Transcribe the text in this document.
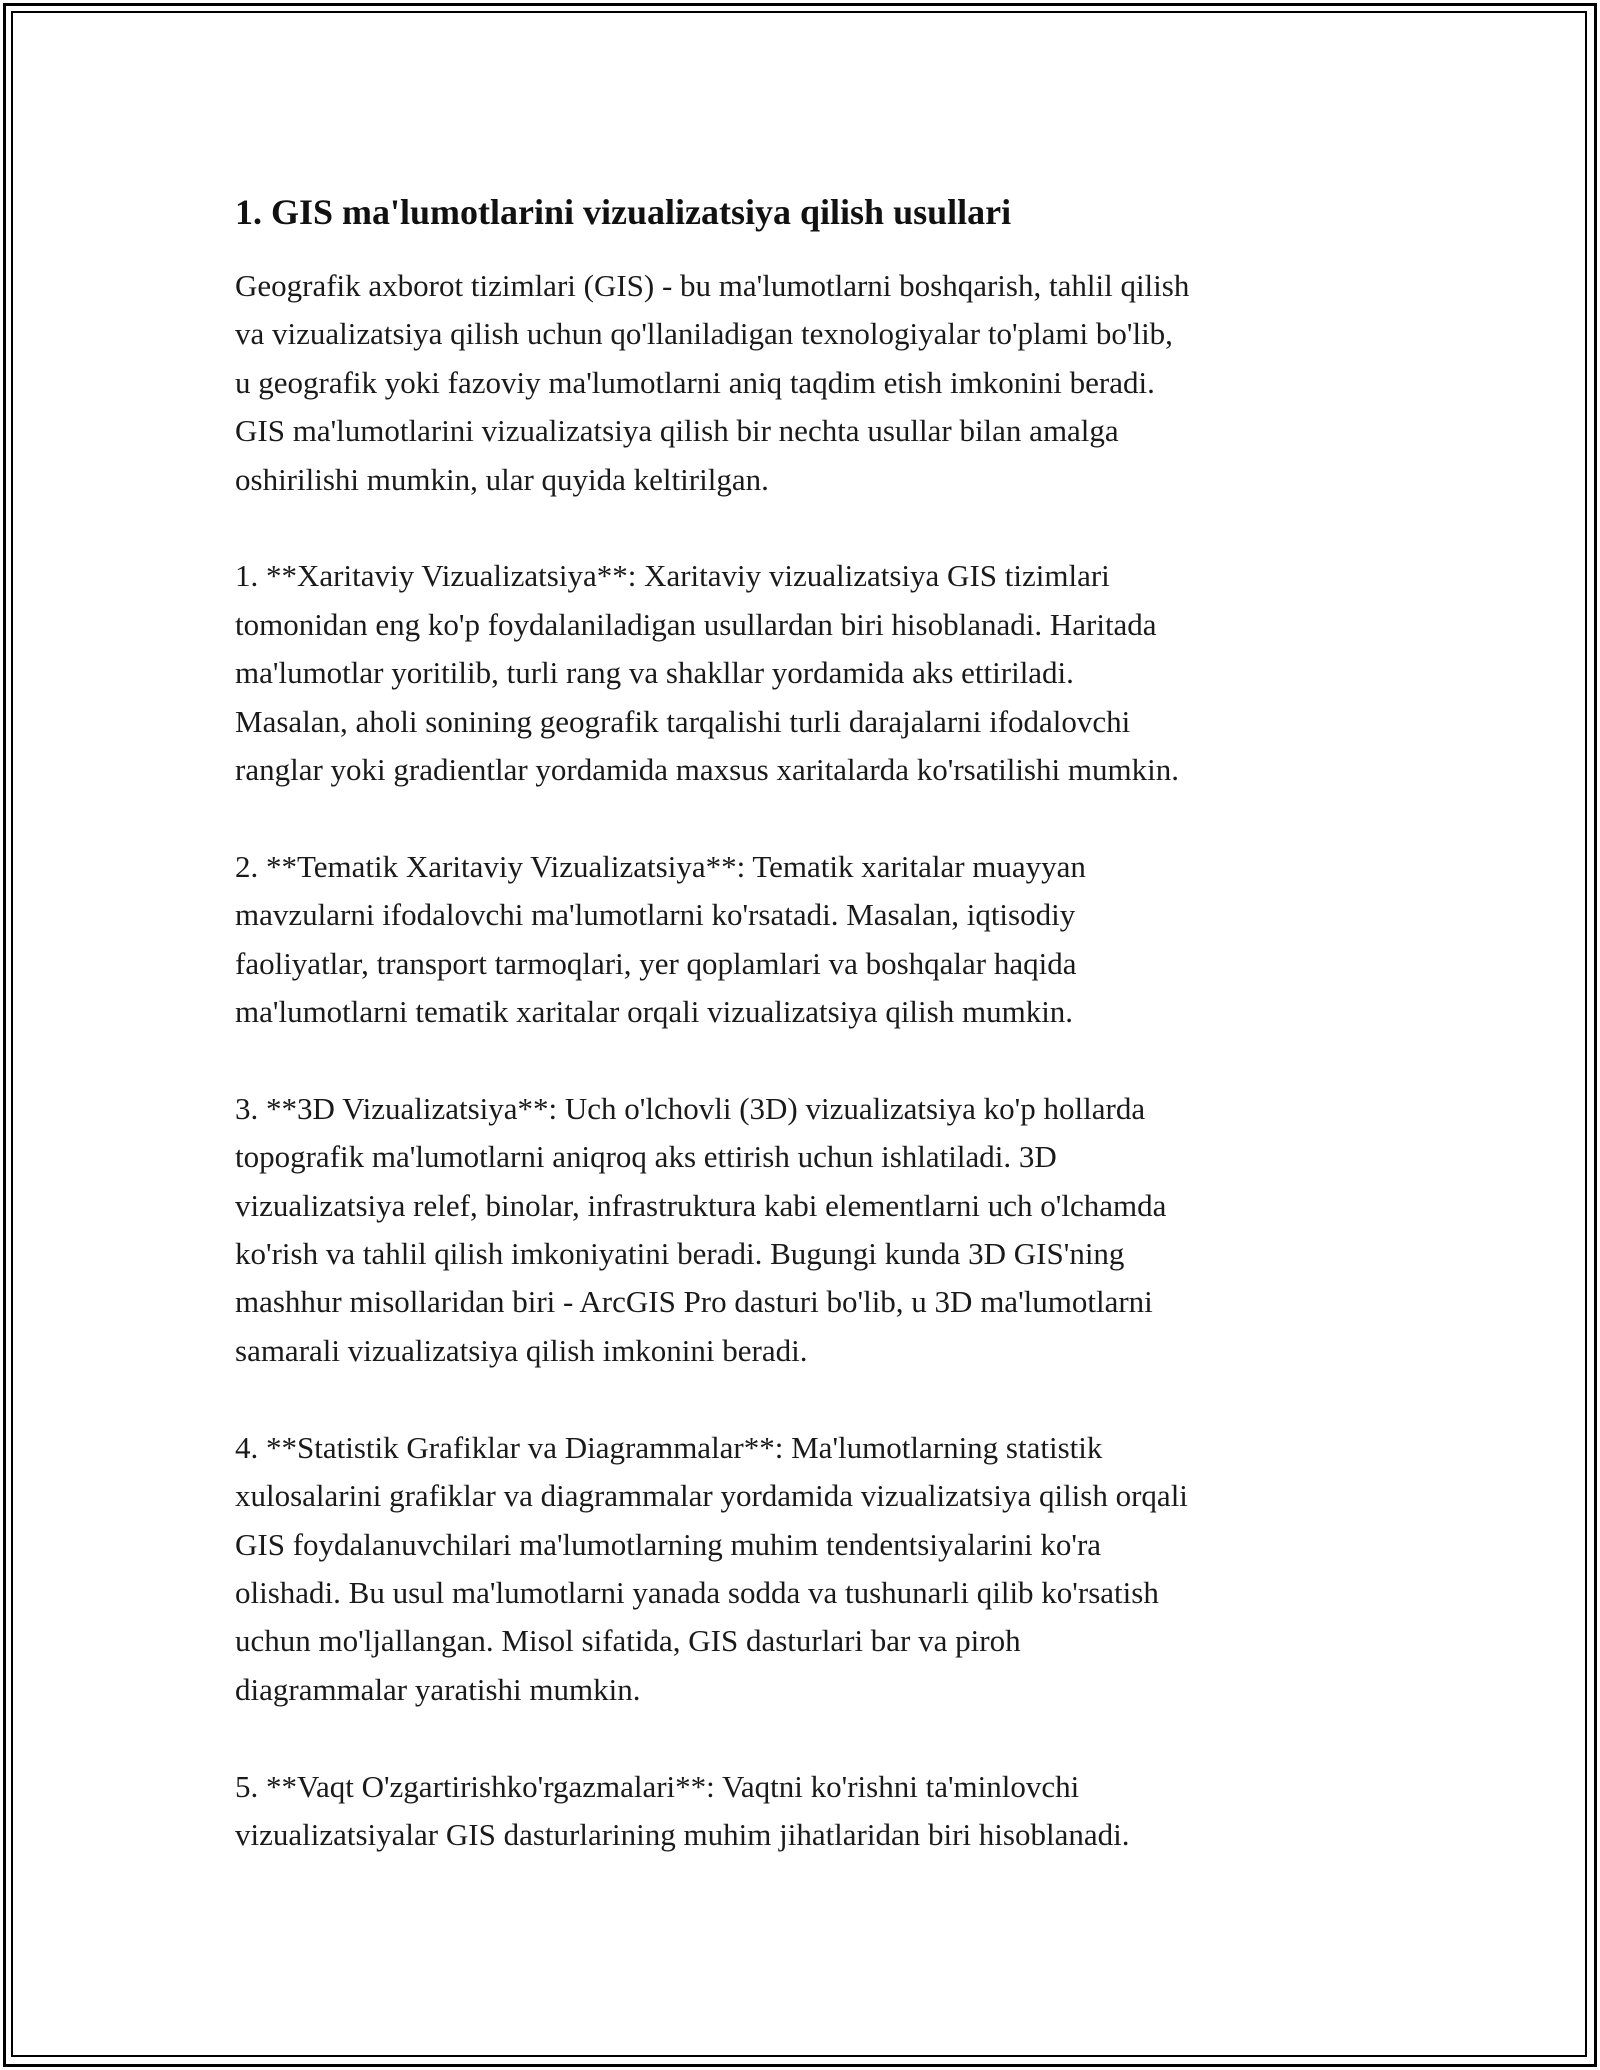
1. GIS ma'lumotlarini vizualizatsiya qilish usullari

Geografik axborot tizimlari (GIS) - bu ma'lumotlarni boshqarish, tahlil qilish
va vizualizatsiya qilish uchun qo'llaniladigan texnologiyalar to'plami bo'lib,
u geografik yoki fazoviy ma'lumotlarni aniq taqdim etish imkonini beradi.
GIS ma'lumotlarini vizualizatsiya qilish bir nechta usullar bilan amalga
oshirilishi mumkin, ular quyida keltirilgan.

1. **Xaritaviy Vizualizatsiya**: Xaritaviy vizualizatsiya GIS tizimlari
tomonidan eng ko'p foydalaniladigan usullardan biri hisoblanadi. Haritada
ma'lumotlar yoritilib, turli rang va shakllar yordamida aks ettiriladi.
Masalan, aholi sonining geografik tarqalishi turli darajalarni ifodalovchi
ranglar yoki gradientlar yordamida maxsus xaritalarda ko'rsatilishi mumkin.

2. **Tematik Xaritaviy Vizualizatsiya**: Tematik xaritalar muayyan
mavzularni ifodalovchi ma'lumotlarni ko'rsatadi. Masalan, iqtisodiy
faoliyatlar, transport tarmoqlari, yer qoplamlari va boshqalar haqida
ma'lumotlarni tematik xaritalar orqali vizualizatsiya qilish mumkin.

3. **3D Vizualizatsiya**: Uch o'lchovli (3D) vizualizatsiya ko'p hollarda
topografik ma'lumotlarni aniqroq aks ettirish uchun ishlatiladi. 3D
vizualizatsiya relef, binolar, infrastruktura kabi elementlarni uch o'lchamda
ko'rish va tahlil qilish imkoniyatini beradi. Bugungi kunda 3D GIS'ning
mashhur misollaridan biri - ArcGIS Pro dasturi bo'lib, u 3D ma'lumotlarni
samarali vizualizatsiya qilish imkonini beradi.

4. **Statistik Grafiklar va Diagrammalar**: Ma'lumotlarning statistik
xulosalarini grafiklar va diagrammalar yordamida vizualizatsiya qilish orqali
GIS foydalanuvchilari ma'lumotlarning muhim tendentsiyalarini ko'ra
olishadi. Bu usul ma'lumotlarni yanada sodda va tushunarli qilib ko'rsatish
uchun mo'ljallangan. Misol sifatida, GIS dasturlari bar va piroh
diagrammalar yaratishi mumkin.

5. **Vaqt O'zgartirishko'rgazmalari**: Vaqtni ko'rishni ta'minlovchi
vizualizatsiyalar GIS dasturlarining muhim jihatlaridan biri hisoblanadi.
